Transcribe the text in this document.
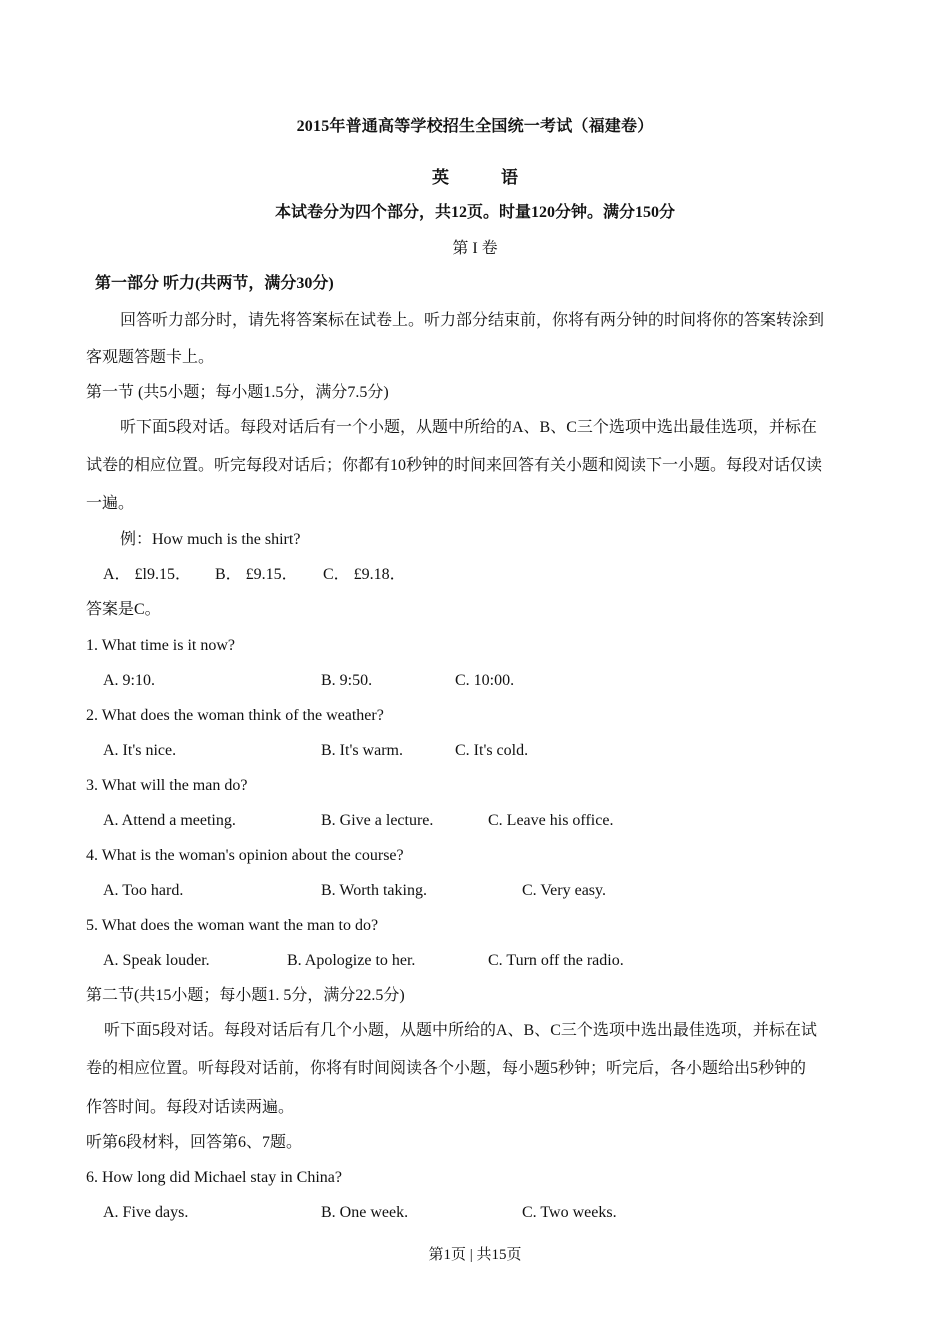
2015年普通高等学校招生全国统一考试（福建卷）
英	语
本试卷分为四个部分，共12页。时量120分钟。满分150分
第 I 卷
第一部分 听力(共两节，满分30分)
回答听力部分时，请先将答案标在试卷上。听力部分结束前，你将有两分钟的时间将你的答案转涂到
客观题答题卡上。
第一节 (共5小题；每小题1.5分，满分7.5分)
听下面5段对话。每段对话后有一个小题，从题中所给的A、B、C三个选项中选出最佳选项，并标在
试卷的相应位置。听完每段对话后；你都有10秒钟的时间来回答有关小题和阅读下一小题。每段对话仅读
一遍。
例：How much is the shirt?
A． £l9.15． B． £9.15． C． £9.18．
答案是C。
1. What time is it now?
A. 9:10.	B. 9:50.	C. 10:00.
2. What does the woman think of the weather?
A. It's nice.	B. It's warm.	C. It's cold.
3. What will the man do?
A. Attend a meeting.	B. Give a lecture.	C. Leave his office.
4. What is the woman's opinion about the course?
A. Too hard.	B. Worth taking.	C. Very easy.
5. What does the woman want the man to do?
A. Speak louder.	B. Apologize to her.	C. Turn off the radio.
第二节(共15小题；每小题1. 5分，满分22.5分)
听下面5段对话。每段对话后有几个小题，从题中所给的A、B、C三个选项中选出最佳选项，并标在试
卷的相应位置。听每段对话前，你将有时间阅读各个小题，每小题5秒钟；听完后，各小题给出5秒钟的
作答时间。每段对话读两遍。
听第6段材料，回答第6、7题。
6. How long did Michael stay in China?
A. Five days.	B. One week.	C. Two weeks.
第1页 | 共15页
